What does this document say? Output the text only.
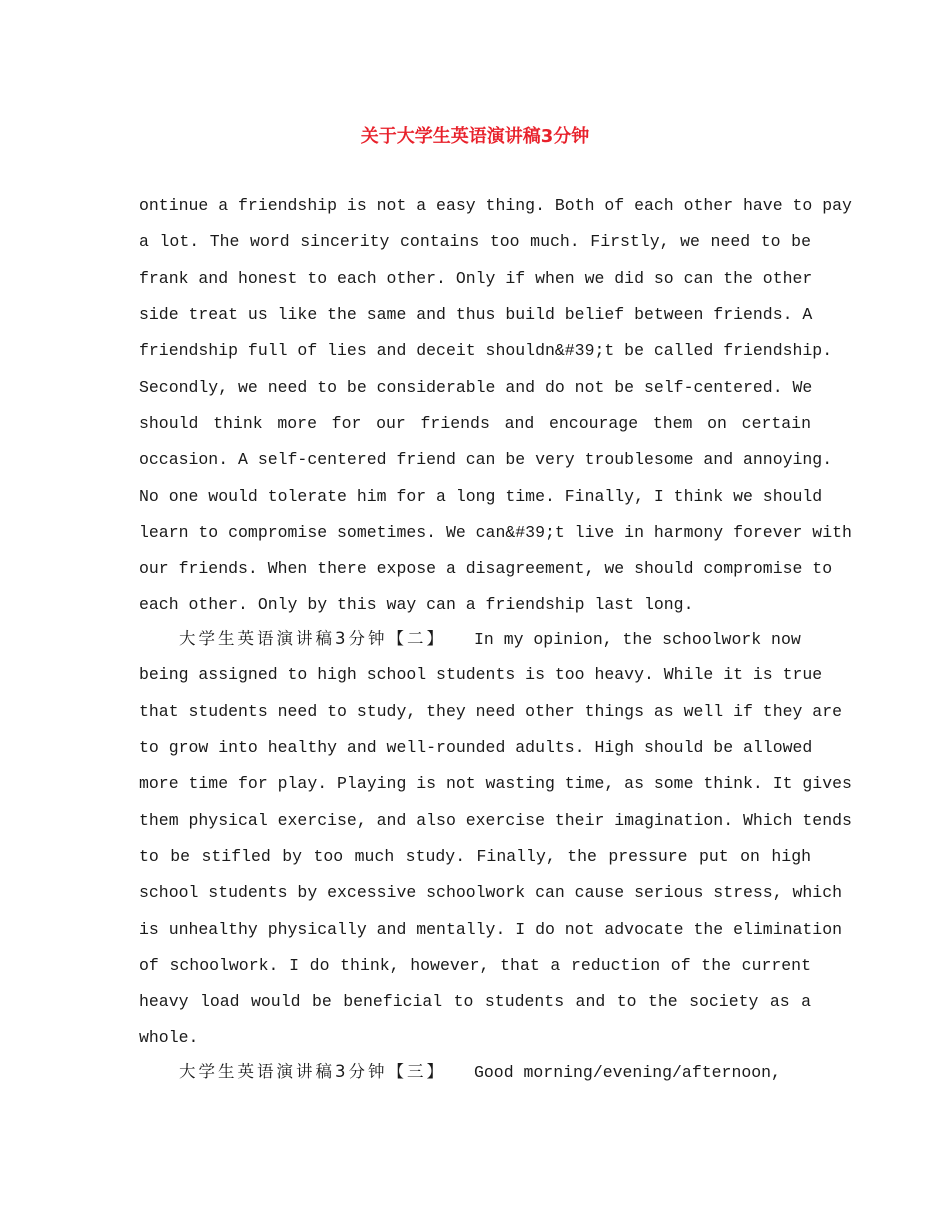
关于大学生英语演讲稿3分钟
ontinue a friendship is not a easy thing. Both of each other have to pay
a lot. The word sincerity contains too much. Firstly, we need to be
frank and honest to each other. Only if when we did so can the other
side treat us like the same and thus build belief between friends. A
friendship full of lies and deceit shouldn&#39;t be called friendship.
Secondly, we need to be considerable and do not be self-centered. We
should think more for our friends and encourage them on certain
occasion. A self-centered friend can be very troublesome and annoying.
No one would tolerate him for a long time. Finally, I think we should
learn to compromise sometimes. We can&#39;t live in harmony forever with
our friends. When there expose a disagreement, we should compromise to
each other. Only by this way can a friendship last long.
大学生英语演讲稿3分钟【二】 In my opinion, the schoolwork now
being assigned to high school students is too heavy. While it is true
that students need to study, they need other things as well if they are
to grow into healthy and well-rounded adults. High should be allowed
more time for play. Playing is not wasting time, as some think. It gives
them physical exercise, and also exercise their imagination. Which tends
to be stifled by too much study. Finally, the pressure put on high
school students by excessive schoolwork can cause serious stress, which
is unhealthy physically and mentally. I do not advocate the elimination
of schoolwork. I do think, however, that a reduction of the current
heavy load would be beneficial to students and to the society as a
whole.
大学生英语演讲稿3分钟【三】 Good morning/evening/afternoon,
